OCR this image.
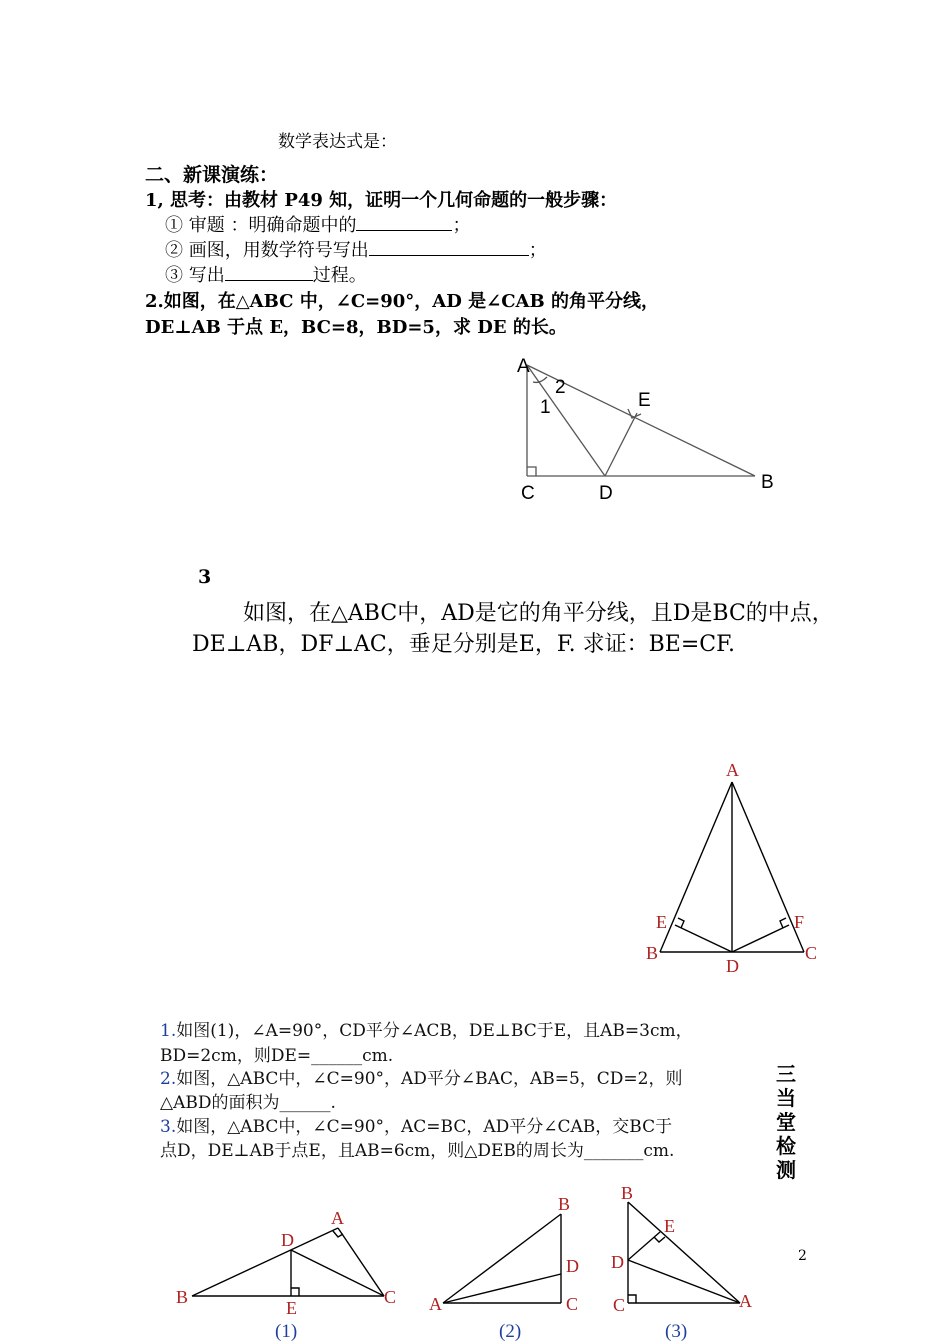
数学表达式是：
二、新课演练：
1, 思考：由教材 P49 知，证明一个几何命题的一般步骤：
① 审题 ：明确命题中的	；
② 画图，用数学符号写出	；
③ 写出	过程。
2.如图，在△ABC 中，∠C=90°，AD 是∠CAB 的角平分线，
DE⊥AB 于点 E，BC=8，BD=5，求 DE 的长。
A
2
1	E
C	D
B
3
如图，在△ABC中，AD是它的角平分线，且D是BC的中点，
DE⊥AB，DF⊥AC，垂足分别是E，F. 求证：BE=CF.
A
E	F
B	C
D
1.如图(1)，∠A=90°，CD平分∠ACB，DE⊥BC于E，且AB=3cm，
BD=2cm，则DE=______cm.
2.如图，△ABC中，∠C=90°，AD平分∠BAC，AB=5，CD=2，则
△ABD的面积为______.
3.如图，△ABC中，∠C=90°，AC=BC，AD平分∠CAB，交BC于
点D，DE⊥AB于点E，且AB=6cm，则△DEB的周长为_______cm.
三当堂检测
2
A
D
B	C
E
(1)
B
D
A	C
(2)
B
E
D
C	A
(3)
